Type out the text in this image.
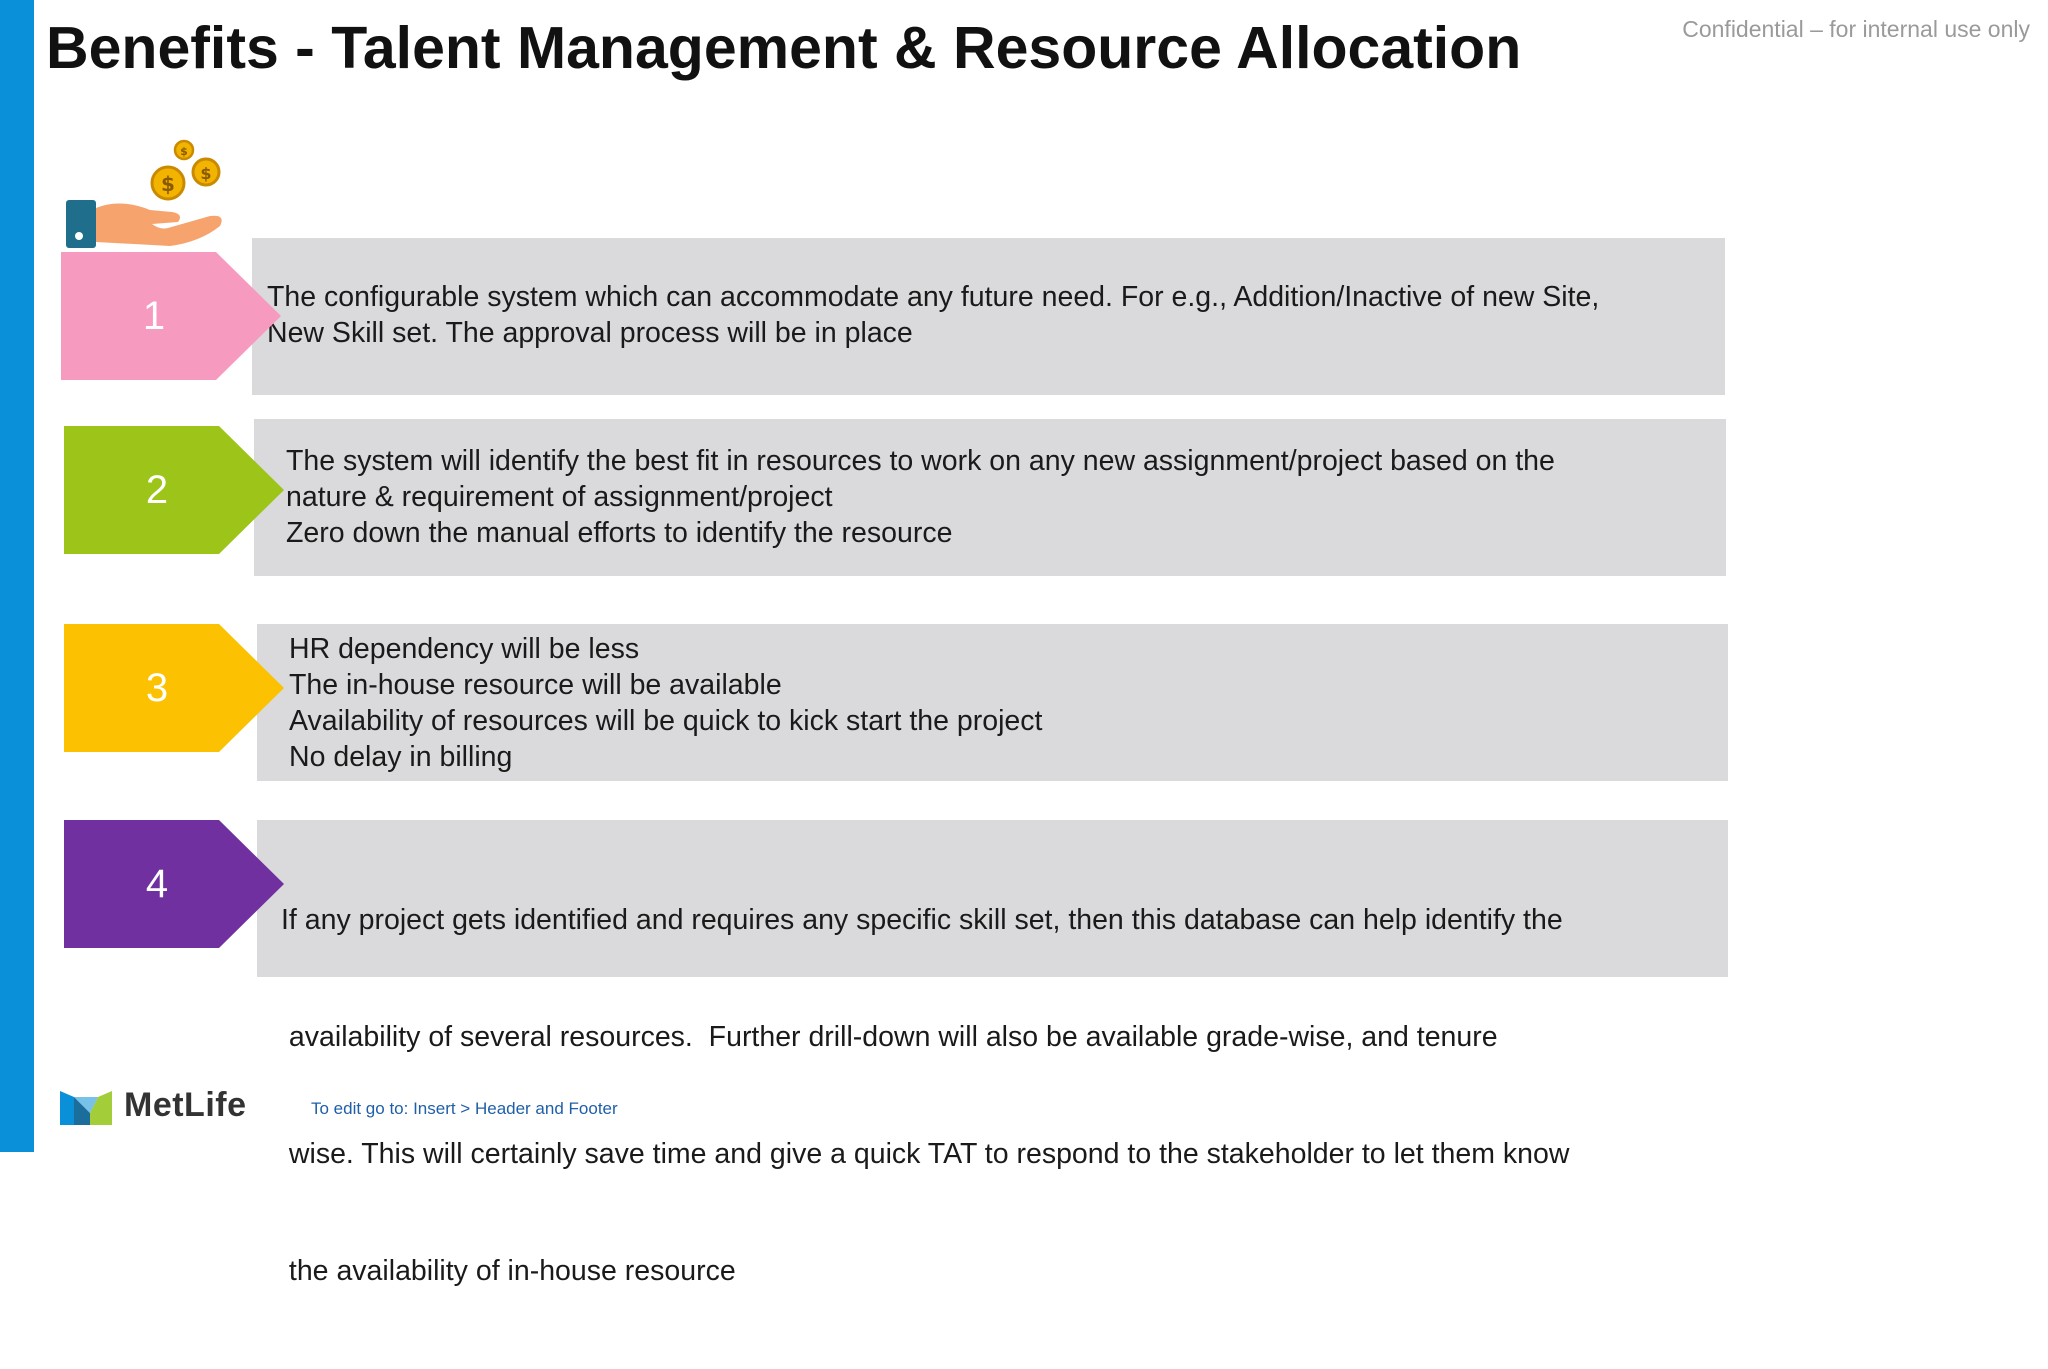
Benefits - Talent Management & Resource Allocation	Confidential – for internal use only
$ $
$
The configurable system which can accommodate any future need. For e.g., Addition/Inactive of new Site,
New Skill set. The approval process will be in place
1
The system will identify the best fit in resources to work on any new assignment/project based on the
nature & requirement of assignment/project
Zero down the manual efforts to identify the resource
2
HR dependency will be less
The in-house resource will be available
Availability of resources will be quick to kick start the project
No delay in billing
3

If any project gets identified and requires any specific skill set, then this database can help identify the

availability of several resources.  Further drill-down will also be available grade-wise, and tenure

wise. This will certainly save time and give a quick TAT to respond to the stakeholder to let them know

the availability of in-house resource

4
MetLife	To edit go to: Insert > Header and Footer
